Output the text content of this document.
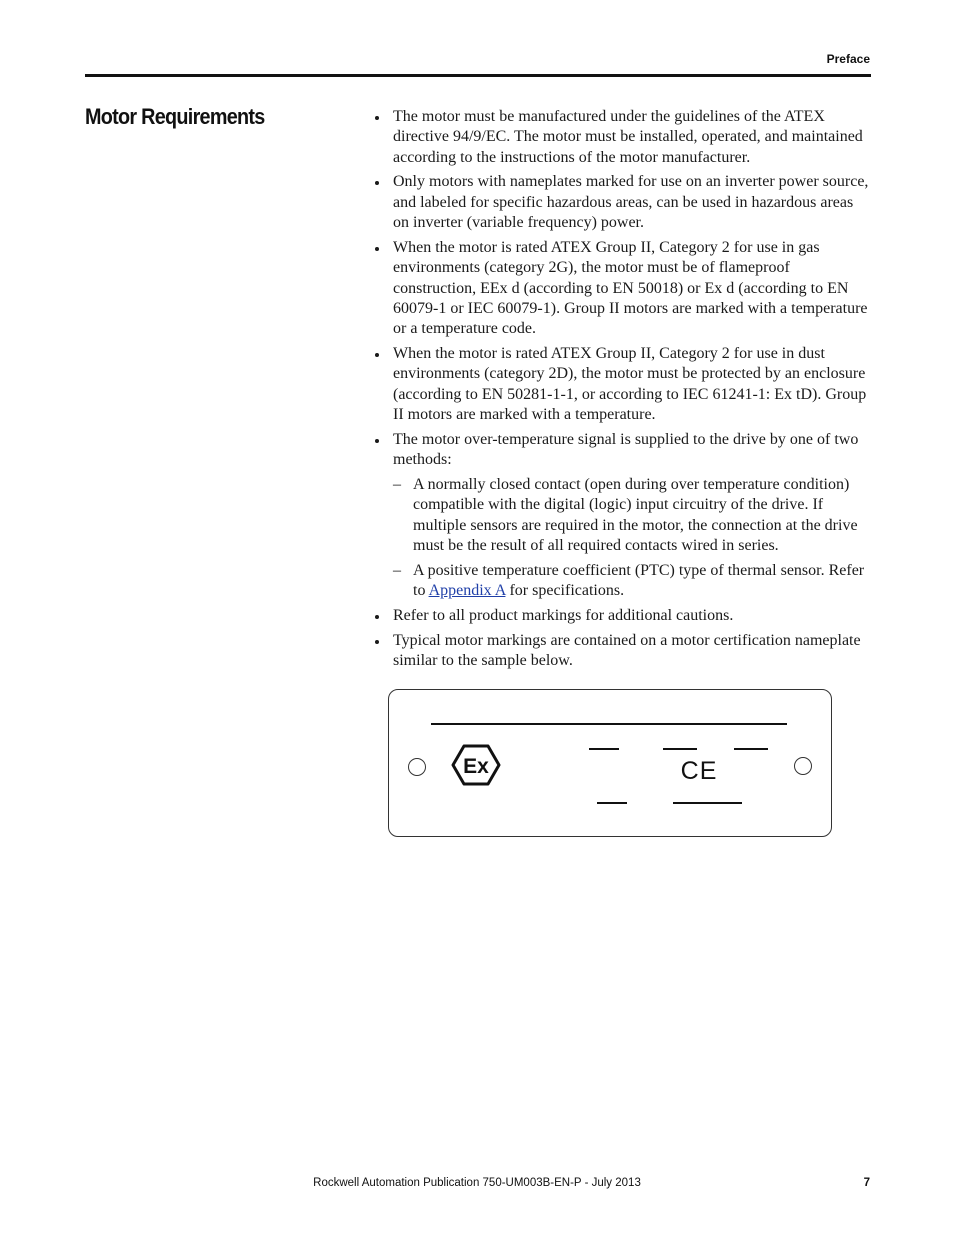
Preface
Motor Requirements	The motor must be manufactured under the guidelines of the ATEX directive 94/9/EC. The motor must be installed, operated, and maintained according to the instructions of the motor manufacturer.
Only motors with nameplates marked for use on an inverter power source, and labeled for specific hazardous areas, can be used in hazardous areas on inverter (variable frequency) power.
When the motor is rated ATEX Group II, Category 2 for use in gas environments (category 2G), the motor must be of flameproof construction, EEx d (according to EN 50018) or Ex d (according to EN 60079-1 or IEC 60079-1). Group II motors are marked with a temperature or a temperature code.
When the motor is rated ATEX Group II, Category 2 for use in dust environments (category 2D), the motor must be protected by an enclosure (according to EN 50281-1-1, or according to IEC 61241-1: Ex tD). Group II motors are marked with a temperature.
The motor over-temperature signal is supplied to the drive by one of two methods:
– A normally closed contact (open during over temperature condition) compatible with the digital (logic) input circuitry of the drive. If multiple sensors are required in the motor, the connection at the drive must be the result of all required contacts wired in series.
– A positive temperature coefficient (PTC) type of thermal sensor. Refer to Appendix A for specifications.
Refer to all product markings for additional cautions.
Typical motor markings are contained on a motor certification nameplate similar to the sample below.
Ex	CE
Rockwell Automation Publication 750-UM003B-EN-P - July 2013	7
